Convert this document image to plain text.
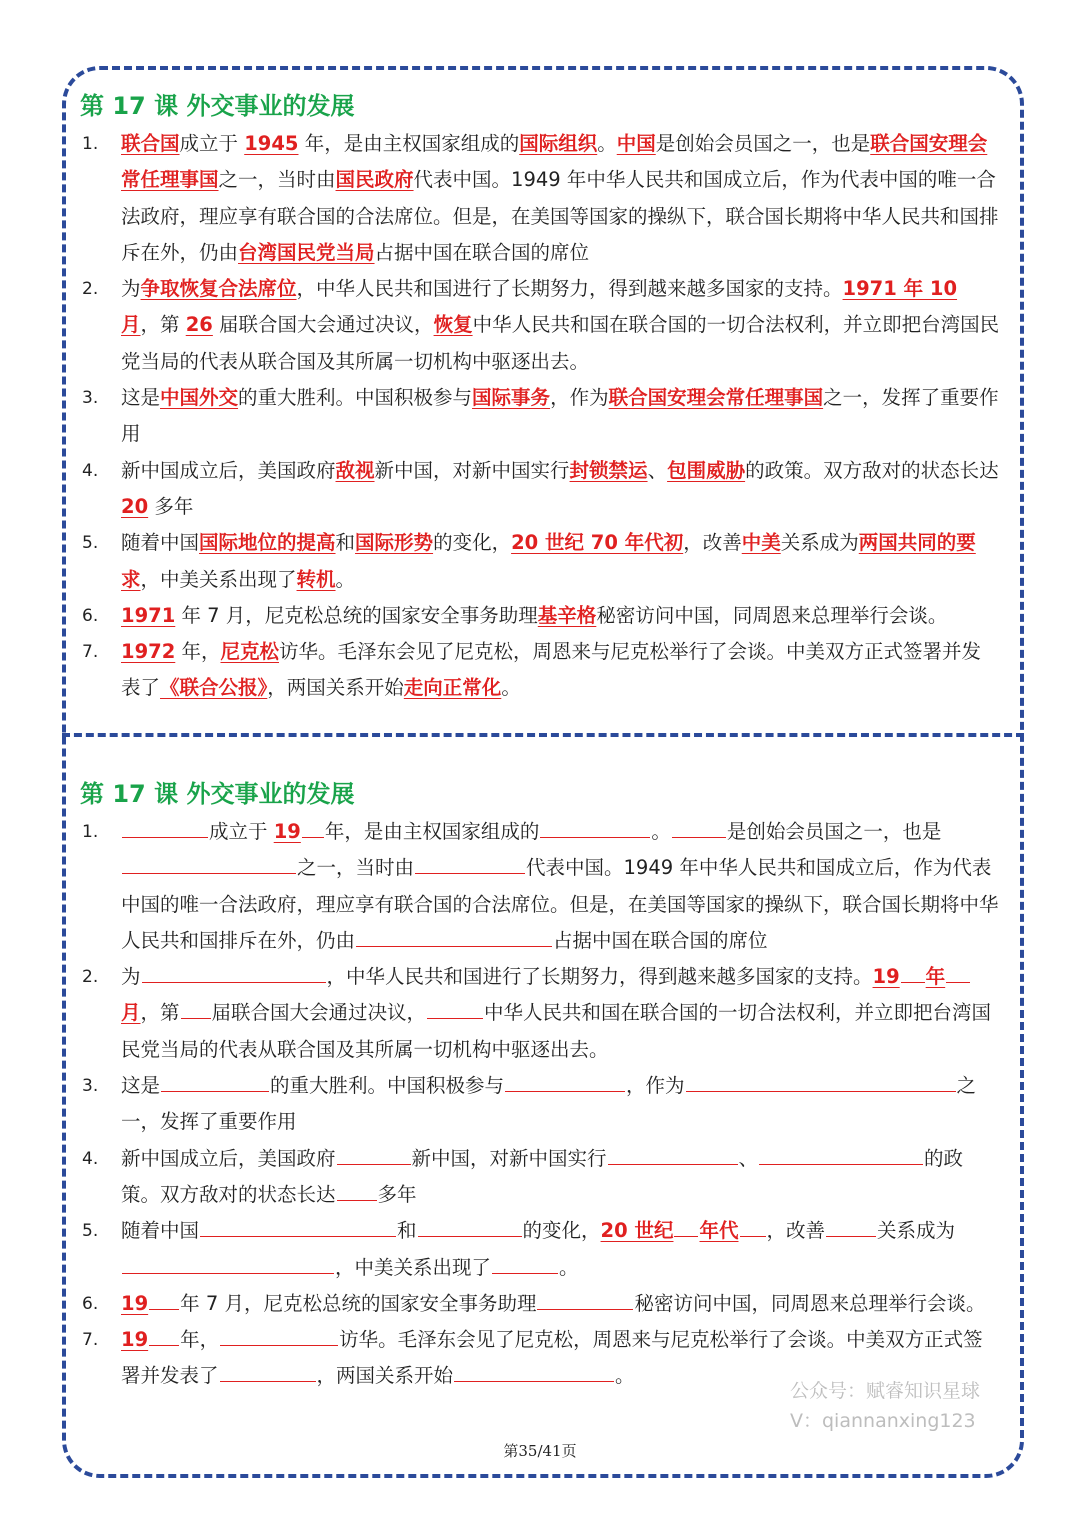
第 17 课 外交事业的发展
1. 联合国成立于 1945 年，是由主权国家组成的国际组织。中国是创始会员国之一，也是联合国安理会常任理事国之一，当时由国民政府代表中国。1949 年中华人民共和国成立后，作为代表中国的唯一合法政府，理应享有联合国的合法席位。但是，在美国等国家的操纵下，联合国长期将中华人民共和国排斥在外，仍由台湾国民党当局占据中国在联合国的席位
2. 为争取恢复合法席位，中华人民共和国进行了长期努力，得到越来越多国家的支持。1971 年 10 月，第 26 届联合国大会通过决议，恢复中华人民共和国在联合国的一切合法权利，并立即把台湾国民党当局的代表从联合国及其所属一切机构中驱逐出去。
3. 这是中国外交的重大胜利。中国积极参与国际事务，作为联合国安理会常任理事国之一，发挥了重要作用
4. 新中国成立后，美国政府敌视新中国，对新中国实行封锁禁运、包围威胁的政策。双方敌对的状态长达 20 多年
5. 随着中国国际地位的提高和国际形势的变化，20 世纪 70 年代初，改善中美关系成为两国共同的要求，中美关系出现了转机。
6. 1971 年 7 月，尼克松总统的国家安全事务助理基辛格秘密访问中国，同周恩来总理举行会谈。
7. 1972 年，尼克松访华。毛泽东会见了尼克松，周恩来与尼克松举行了会谈。中美双方正式签署并发表了《联合公报》，两国关系开始走向正常化。
第 17 课 外交事业的发展
1.	成立于 19 年，是由主权国家组成的	。	是创始会员国之一，也是之一，当时由	代表中国。1949 年中华人民共和国成立后，作为代表中国的唯一合法政府，理应享有联合国的合法席位。但是，在美国等国家的操纵下，联合国长期将中华人民共和国排斥在外，仍由	占据中国在联合国的席位
2. 为	，中华人民共和国进行了长期努力，得到越来越多国家的支持。19 年月，第 届联合国大会通过决议，	中华人民共和国在联合国的一切合法权利，并立即把台湾国民党当局的代表从联合国及其所属一切机构中驱逐出去。
3. 这是	的重大胜利。中国积极参与	，作为	之一，发挥了重要作用
4. 新中国成立后，美国政府	新中国，对新中国实行	、	的政策。双方敌对的状态长达 多年
5. 随着中国	和	的变化，20 世纪 年代 ，改善	关系成为，中美关系出现了	。
6. 19 年 7 月，尼克松总统的国家安全事务助理	秘密访问中国，同周恩来总理举行会谈。
7. 19 年，	访华。毛泽东会见了尼克松，周恩来与尼克松举行了会谈。中美双方正式签署并发表了	，两国关系开始	。
公众号：赋睿知识星球
V：qiannanxing123
第35/41页
